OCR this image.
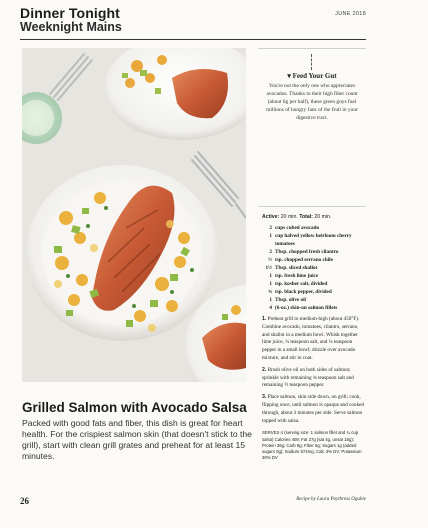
Dinner Tonight
Weeknight Mains
JUNE 2018
▾ Feed Your Gut
You're not the only one who appreciates avocados. Thanks to their high fiber count (about 6g per half), these green guys fuel millions of hungry fans of the fruit in your digestive tract.
Active: 20 min. Total: 20 min.
2 cups cubed avocado
1 cup halved yellow heirloom cherry tomatoes
2 Tbsp. chopped fresh cilantro
½ tsp. chopped serrano chile
1½ Tbsp. sliced shallot
1 tsp. fresh lime juice
1 tsp. kosher salt, divided
¾ tsp. black pepper, divided
1 Tbsp. olive oil
4 (6-oz.) skin-on salmon fillets
1. Preheat grill to medium-high (about 450°F). Combine avocado, tomatoes, cilantro, serrano, and shallot in a medium bowl. Whisk together lime juice, ¼ teaspoon salt, and ¼ teaspoon pepper in a small bowl; drizzle over avocado mixture, and stir to coat.
2. Brush olive oil on both sides of salmon; sprinkle with remaining ¾ teaspoon salt and remaining ½ teaspoon pepper.
3. Place salmon, skin side down, on grill; cook, flipping once, until salmon is opaque and cooked through, about 3 minutes per side. Serve salmon topped with salsa.
SERVES 4 (serving size: 1 salmon fillet and ¾ cup salsa) Calories 408; Fat 27g (sat 4g, unsat 18g); Protein 36g; Carb 9g; Fiber 6g; Sugars 1g (added sugars 0g); Sodium 574mg; Calc 3% DV; Potassium 30% DV
Grilled Salmon with Avocado Salsa
Packed with good fats and fiber, this dish is great for heart health. For the crispiest salmon skin (that doesn't stick to the grill), start with clean grill grates and preheat for at least 15 minutes.
26	Recipe by Laura Poythress Ogubie
